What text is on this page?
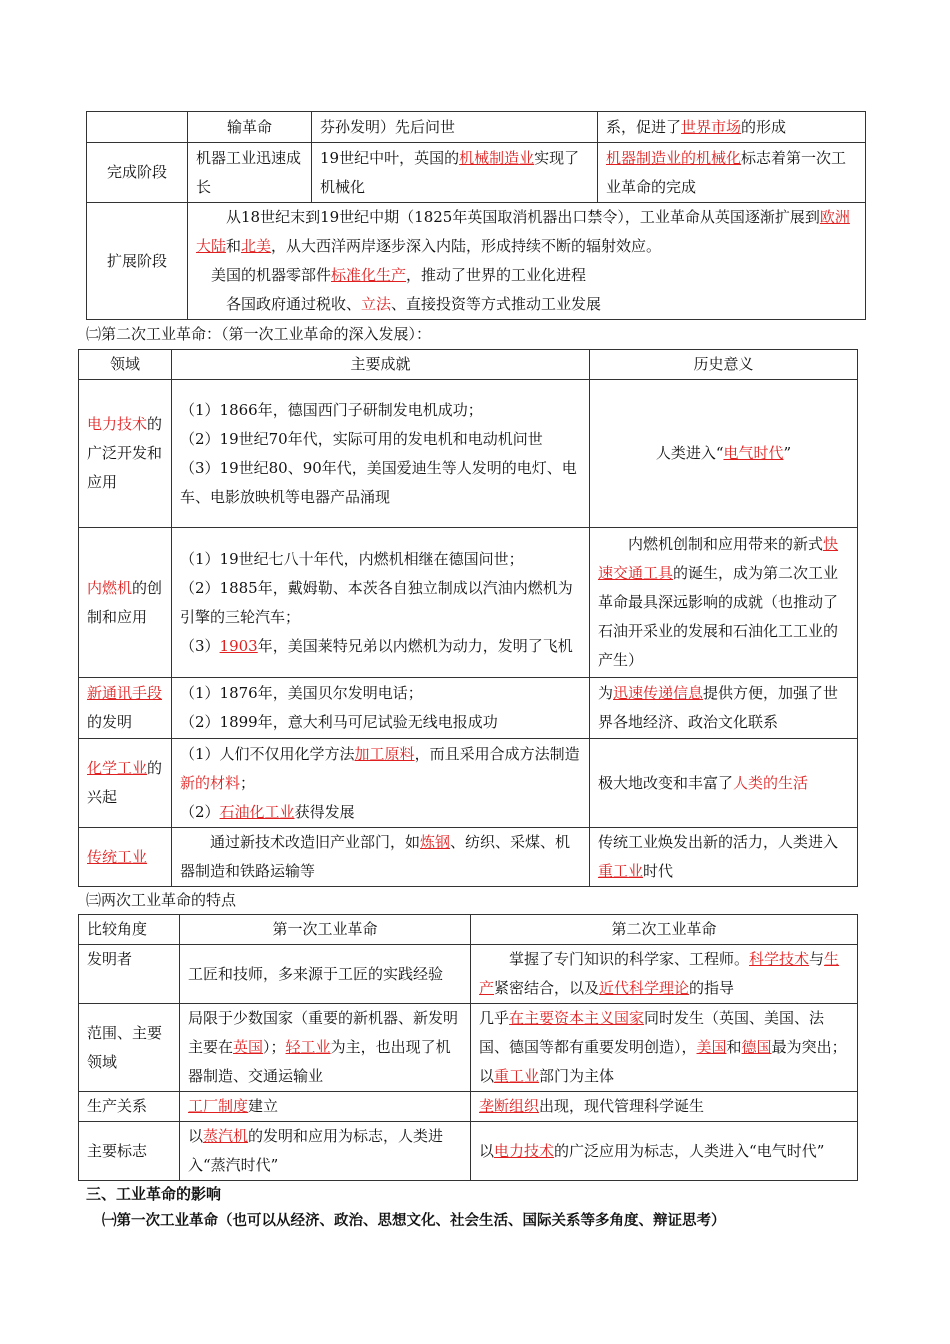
	输革命	芬孙发明）先后问世	系，促进了世界市场的形成
完成阶段	机器工业迅速成长	19世纪中叶，英国的机械制造业实现了机械化	机器制造业的机械化标志着第一次工业革命的完成
扩展阶段	从18世纪末到19世纪中期（1825年英国取消机器出口禁令），工业革命从英国逐渐扩展到欧洲大陆和北美，从大西洋两岸逐步深入内陆，形成持续不断的辐射效应。
美国的机器零部件标准化生产，推动了世界的工业化进程
各国政府通过税收、立法、直接投资等方式推动工业发展		
㈡第二次工业革命：（第一次工业革命的深入发展）：
领域	主要成就	历史意义
电力技术的广泛开发和应用	（1）1866年，德国西门子研制发电机成功；
（2）19世纪70年代，实际可用的发电机和电动机问世
（3）19世纪80、90年代，美国爱迪生等人发明的电灯、电车、电影放映机等电器产品涌现	人类进入“电气时代”
内燃机的创制和应用	（1）19世纪七八十年代，内燃机相继在德国问世；
（2）1885年，戴姆勒、本茨各自独立制成以汽油内燃机为引擎的三轮汽车；
（3）1903年，美国莱特兄弟以内燃机为动力，发明了飞机	内燃机创制和应用带来的新式快速交通工具的诞生，成为第二次工业革命最具深远影响的成就（也推动了石油开采业的发展和石油化工工业的产生）

新通讯手段的发明	（1）1876年，美国贝尔发明电话；
（2）1899年，意大利马可尼试验无线电报成功	为迅速传递信息提供方便，加强了世界各地经济、政治文化联系
化学工业的兴起	（1）人们不仅用化学方法加工原料，而且采用合成方法制造新的材料；
（2）石油化工业获得发展	极大地改变和丰富了人类的生活
传统工业	通过新技术改造旧产业部门，如炼钢、纺织、采煤、机器制造和铁路运输等	传统工业焕发出新的活力，人类进入重工业时代
㈢两次工业革命的特点
比较角度	第一次工业革命	第二次工业革命
发明者	工匠和技师，多来源于工匠的实践经验	掌握了专门知识的科学家、工程师。科学技术与生产紧密结合，以及近代科学理论的指导

范围、主要领域	局限于少数国家（重要的新机器、新发明主要在英国）；轻工业为主，也出现了机器制造、交通运输业	几乎在主要资本主义国家同时发生（英国、美国、法国、德国等都有重要发明创造），美国和德国最为突出；以重工业部门为主体
生产关系	工厂制度建立	垄断组织出现，现代管理科学诞生
主要标志	以蒸汽机的发明和应用为标志，人类进入“蒸汽时代”	以电力技术的广泛应用为标志，人类进入“电气时代”
三、工业革命的影响
㈠第一次工业革命（也可以从经济、政治、思想文化、社会生活、国际关系等多角度、辩证思考）
